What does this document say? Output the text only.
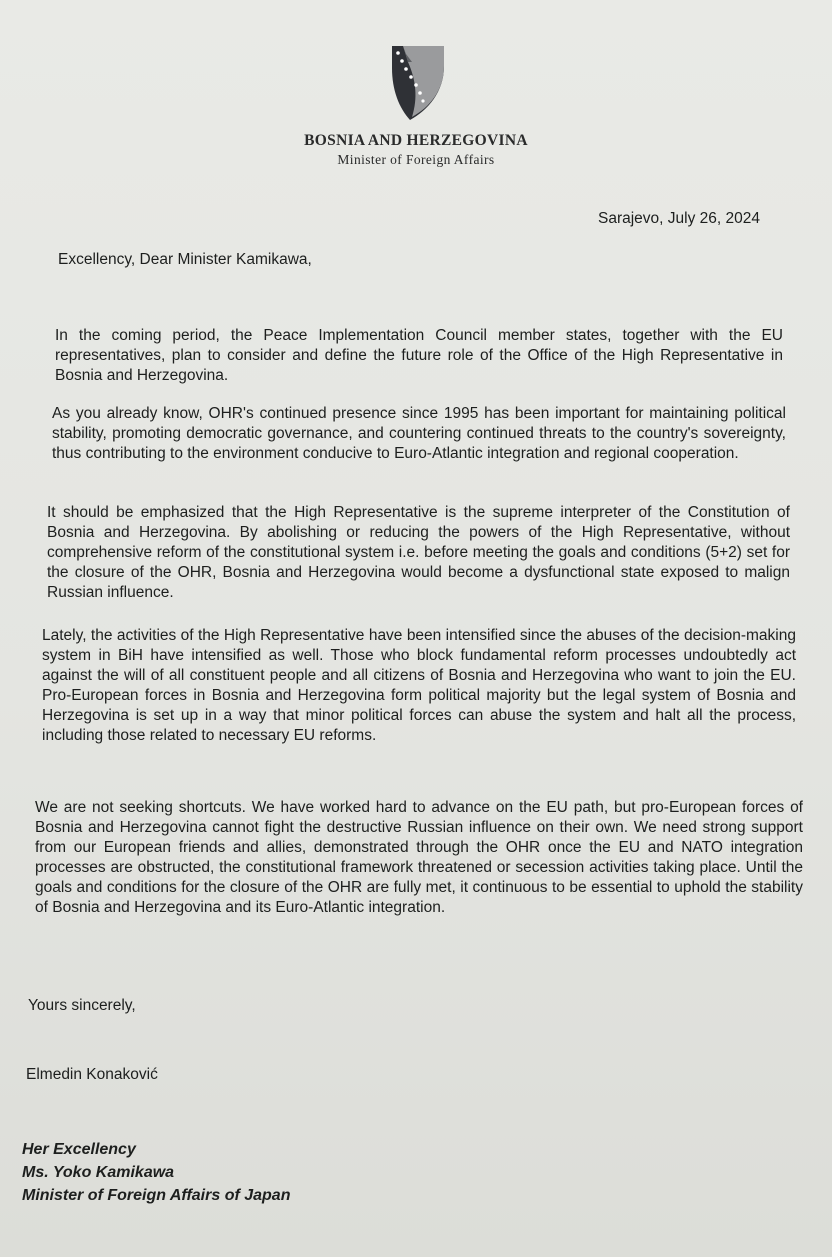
BOSNIA AND HERZEGOVINA
Minister of Foreign Affairs
Sarajevo, July 26, 2024
Excellency, Dear Minister Kamikawa,

In the coming period, the Peace Implementation Council member states, together with the EU representatives, plan to consider and define the future role of the Office of the High Representative in Bosnia and Herzegovina.

As you already know, OHR's continued presence since 1995 has been important for maintaining political stability, promoting democratic governance, and countering continued threats to the country's sovereignty, thus contributing to the environment conducive to Euro-Atlantic integration and regional cooperation.

It should be emphasized that the High Representative is the supreme interpreter of the Constitution of Bosnia and Herzegovina. By abolishing or reducing the powers of the High Representative, without comprehensive reform of the constitutional system i.e. before meeting the goals and conditions (5+2) set for the closure of the OHR, Bosnia and Herzegovina would become a dysfunctional state exposed to malign Russian influence.

Lately, the activities of the High Representative have been intensified since the abuses of the decision-making system in BiH have intensified as well. Those who block fundamental reform processes undoubtedly act against the will of all constituent people and all citizens of Bosnia and Herzegovina who want to join the EU. Pro-European forces in Bosnia and Herzegovina form political majority but the legal system of Bosnia and Herzegovina is set up in a way that minor political forces can abuse the system and halt all the process, including those related to necessary EU reforms.

We are not seeking shortcuts. We have worked hard to advance on the EU path, but pro-European forces of Bosnia and Herzegovina cannot fight the destructive Russian influence on their own. We need strong support from our European friends and allies, demonstrated through the OHR once the EU and NATO integration processes are obstructed, the constitutional framework threatened or secession activities taking place. Until the goals and conditions for the closure of the OHR are fully met, it continuous to be essential to uphold the stability of Bosnia and Herzegovina and its Euro-Atlantic integration.

Yours sincerely,
Elmedin Konaković
Her Excellency
Ms. Yoko Kamikawa
Minister of Foreign Affairs of Japan
